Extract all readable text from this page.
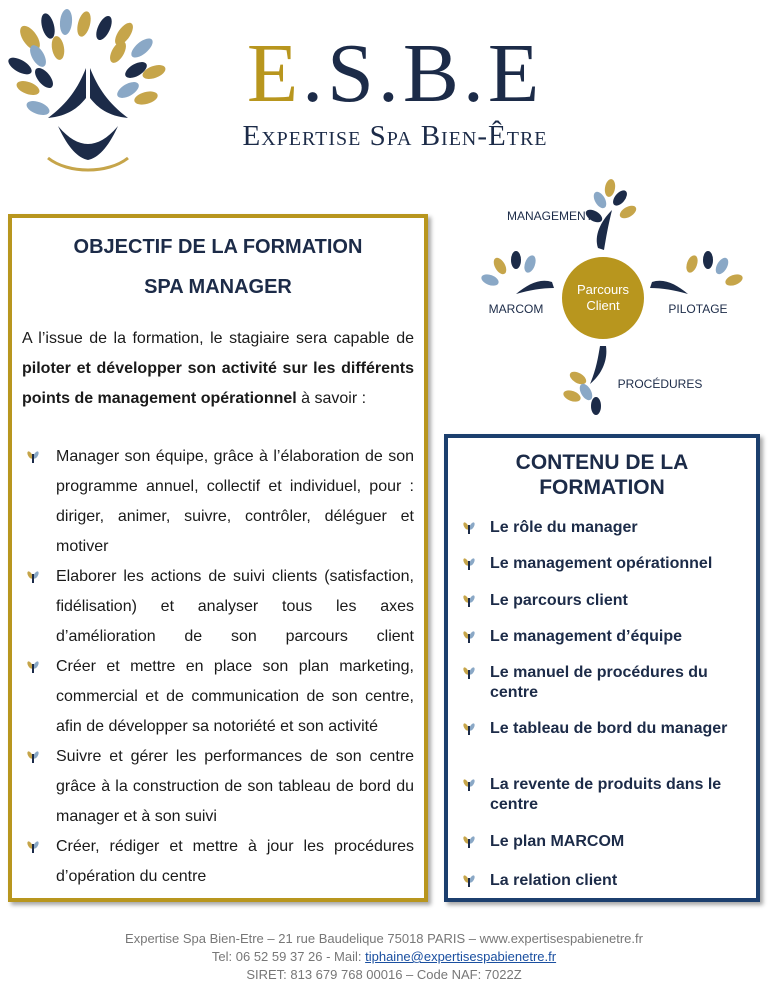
E.S.B.E
Expertise Spa Bien-Être
OBJECTIF DE LA FORMATION
SPA MANAGER
A l’issue de la formation, le stagiaire sera capable de piloter et développer son activité sur les différents points de management opérationnel à savoir :
Manager son équipe, grâce à l’élaboration de son programme annuel, collectif et individuel, pour : diriger, animer, suivre, contrôler, déléguer et motiver
Elaborer les actions de suivi clients (satisfaction, fidélisation) et analyser tous les axes d’amélioration de son parcours client
Créer et mettre en place son plan marketing, commercial et de communication de son centre, afin de développer sa notoriété et son activité
Suivre et gérer les performances de son centre grâce à la construction de son tableau de bord du manager et à son suivi
Créer, rédiger et mettre à jour les procédures d’opération du centre
Parcours
Client
MANAGEMENT
MARCOM	PILOTAGE
PROCÉDURES
CONTENU DE LA FORMATION
Le rôle du manager
Le management opérationnel
Le parcours client
Le management d’équipe
Le manuel de procédures du centre
Le tableau de bord du manager
La revente de produits dans le centre
Le plan MARCOM
La relation client
Expertise Spa Bien-Etre – 21 rue Baudelique 75018 PARIS – www.expertisespabienetre.fr
Tel: 06 52 59 37 26 - Mail: tiphaine@expertisespabienetre.fr
SIRET: 813 679 768 00016 – Code NAF: 7022Z
